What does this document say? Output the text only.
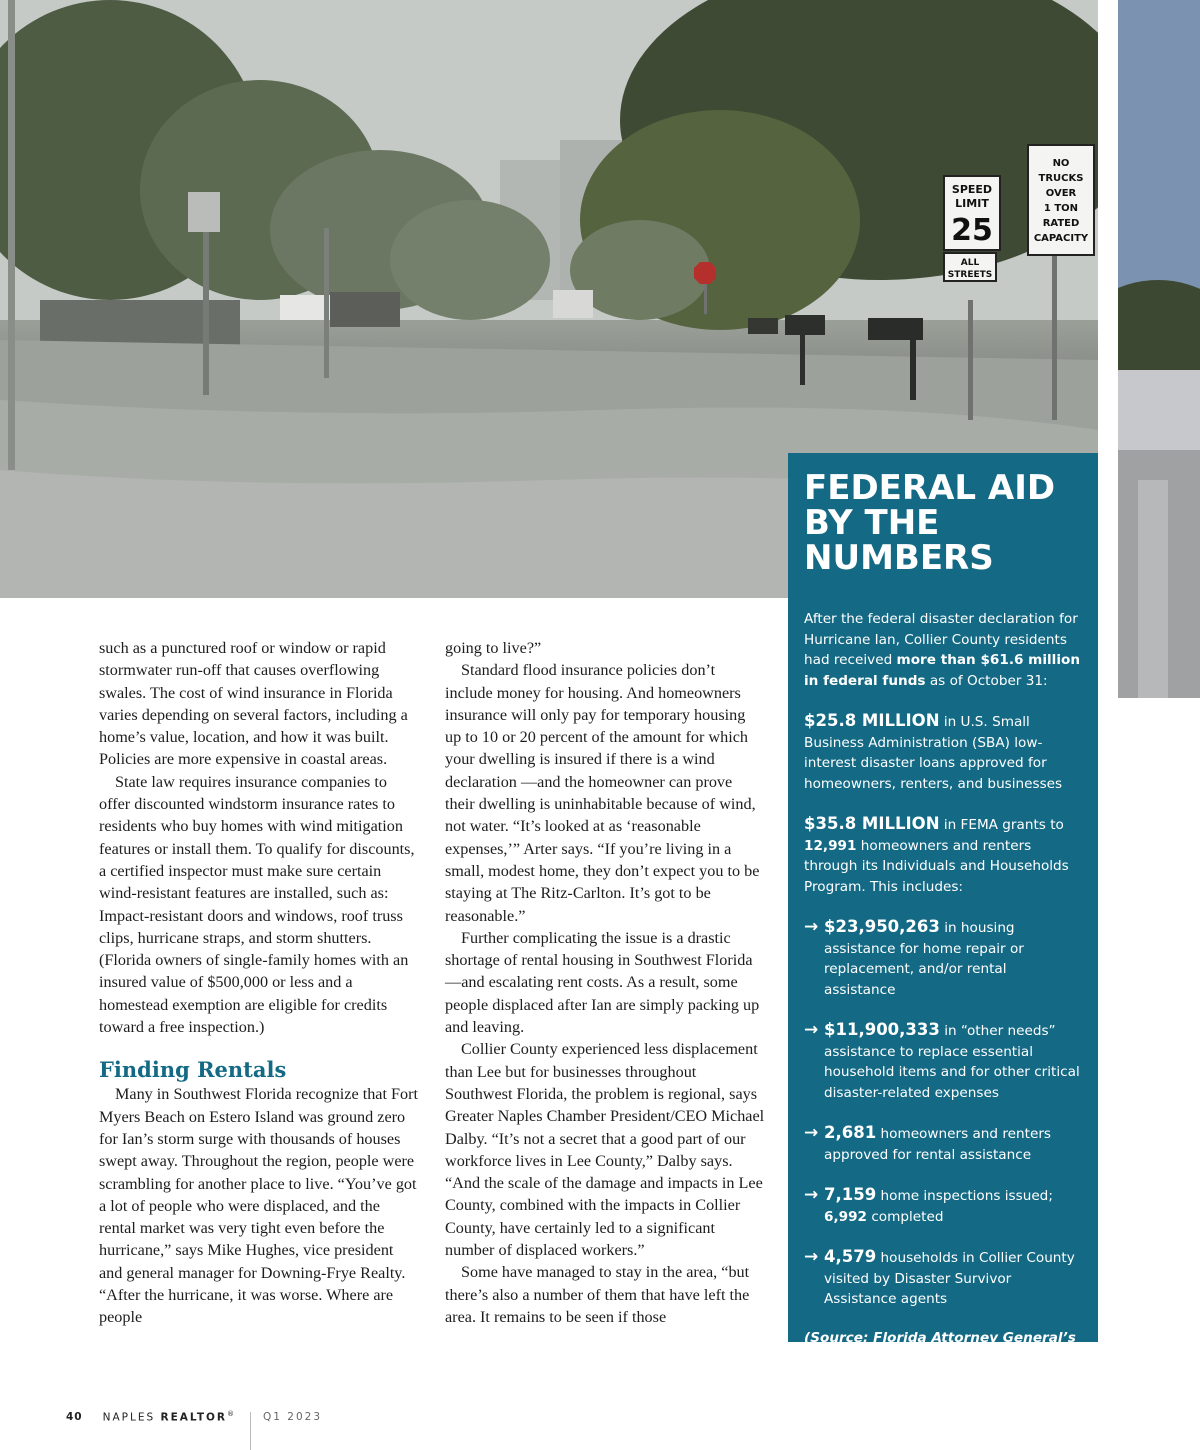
SPEED
LIMIT
25
ALL
STREETS
NO
TRUCKS
OVER
1 TON
RATED
CAPACITY
FEDERAL AID BY THE NUMBERS

After the federal disaster declaration for Hurricane Ian, Collier County residents had received more than $61.6 million in federal funds as of October 31:

$25.8 MILLION in U.S. Small Business Administration (SBA) low-interest disaster loans approved for homeowners, renters, and businesses

$35.8 MILLION in FEMA grants to 12,991 homeowners and renters through its Individuals and Households Program. This includes:

→ $23,950,263 in housing assistance for home repair or replacement, and/or rental assistance

→ $11,900,333 in “other needs” assistance to replace essential household items and for other critical disaster-related expenses

→ 2,681 homeowners and renters approved for rental assistance

→ 7,159 home inspections issued; 6,992 completed

→ 4,579 households in Collier County visited by Disaster Survivor Assistance agents

(Source: Florida Attorney General’s Office)

such as a punctured roof or window or rapid stormwater run-off that causes overflowing swales. The cost of wind insurance in Florida varies depending on several factors, including a home’s value, location, and how it was built. Policies are more expensive in coastal areas.

State law requires insurance companies to offer discounted windstorm insurance rates to residents who buy homes with wind mitigation features or install them. To qualify for discounts, a certified inspector must make sure certain wind-resistant features are installed, such as: Impact-resistant doors and windows, roof truss clips, hurricane straps, and storm shutters. (Florida owners of single-family homes with an insured value of $500,000 or less and a homestead exemption are eligible for credits toward a free inspection.)

Finding Rentals

Many in Southwest Florida recognize that Fort Myers Beach on Estero Island was ground zero for Ian’s storm surge with thousands of houses swept away. Throughout the region, people were scrambling for another place to live. “You’ve got a lot of people who were displaced, and the rental market was very tight even before the hurricane,” says Mike Hughes, vice president and general manager for Downing-Frye Realty. “After the hurricane, it was worse. Where are people

going to live?”

Standard flood insurance policies don’t include money for housing. And homeowners insurance will only pay for temporary housing up to 10 or 20 percent of the amount for which your dwelling is insured if there is a wind declaration —and the homeowner can prove their dwelling is uninhabitable because of wind, not water. “It’s looked at as ‘reasonable expenses,’” Arter says. “If you’re living in a small, modest home, they don’t expect you to be staying at The Ritz-Carlton. It’s got to be reasonable.”

Further complicating the issue is a drastic shortage of rental housing in Southwest Florida—and escalating rent costs. As a result, some people displaced after Ian are simply packing up and leaving.

Collier County experienced less displacement than Lee but for businesses throughout Southwest Florida, the problem is regional, says Greater Naples Chamber President/CEO Michael Dalby. “It’s not a secret that a good part of our workforce lives in Lee County,” Dalby says. “And the scale of the damage and impacts in Lee County, combined with the impacts in Collier County, have certainly led to a significant number of displaced workers.”

Some have managed to stay in the area, “but there’s also a number of them that have left the area. It remains to be seen if those

40 NAPLES REALTOR®	Q1 2023
